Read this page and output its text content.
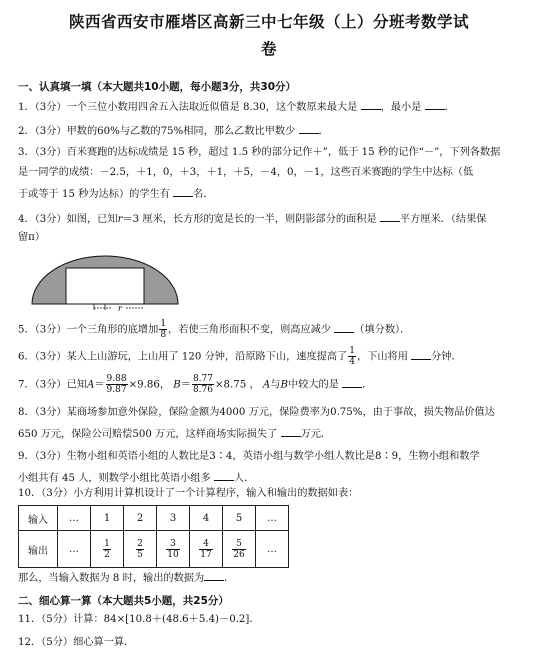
陕西省西安市雁塔区高新三中七年级（上）分班考数学试
卷
一、认真填一填（本大题共10小题，每小题3分，共30分）
1．（3分）一个三位小数用四舍五入法取近似值是 8.30，这个数原来最大是 ，最小是 ．
2．（3分）甲数的60%与乙数的75%相同，那么乙数比甲数少 ．
3．（3分）百米赛跑的达标成绩是 15 秒，超过 1.5 秒的部分记作＋”，低于 15 秒的记作“－”，下列各数据
是一同学的成绩：－2.5，＋1，0，＋3，＋1，＋5，－4，0，－1，这些百米赛跑的学生中达标（低
于或等于 15 秒为达标）的学生有 名．
4．（3分）如图，已知r＝3 厘米，长方形的宽是长的一半，则阴影部分的面积是 平方厘米．（结果保
留π）
r
5．（3分）一个三角形的底增加 $\frac{1}{8}$ ，若使三角形面积不变，则高应减少 （填分数）．
6．（3分）某人上山游玩，上山用了 120 分钟，沿原路下山，速度提高了 $\frac{1}{4}$ ，下山将用 分钟．
7．（3分）已知$A= \frac{9.88}{9.87} \times 9.86$， $B= \frac{8.77}{8.76} \times 8.75$ ， A与B中较大的是 ．
8．（3分）某商场参加意外保险，保险金额为4000 万元，保险费率为0.75%，由于事故，损失物品价值达
650 万元，保险公司赔偿500 万元，这样商场实际损失了 万元．
9．（3分）生物小组和英语小组的人数比是3∶4，英语小组与数学小组人数比是8∶9，生物小组和数学
小组共有 45 人，则数学小组比英语小组多 人．
10．（3分）小方利用计算机设计了一个计算程序，输入和输出的数据如表：
输入	…	1	2	3	4	5	…
输出	…	$\frac{1}{2}$	$\frac{2}{5}$	$\frac{3}{10}$	$\frac{4}{17}$	$\frac{5}{26}$	…
那么，当输入数据为 8 时，输出的数据为 ．
二、细心算一算（本大题共5小题，共25分）
11．（5分）计算：84×[10.8＋(48.6＋5.4)－0.2]．
12．（5分）细心算一算．
